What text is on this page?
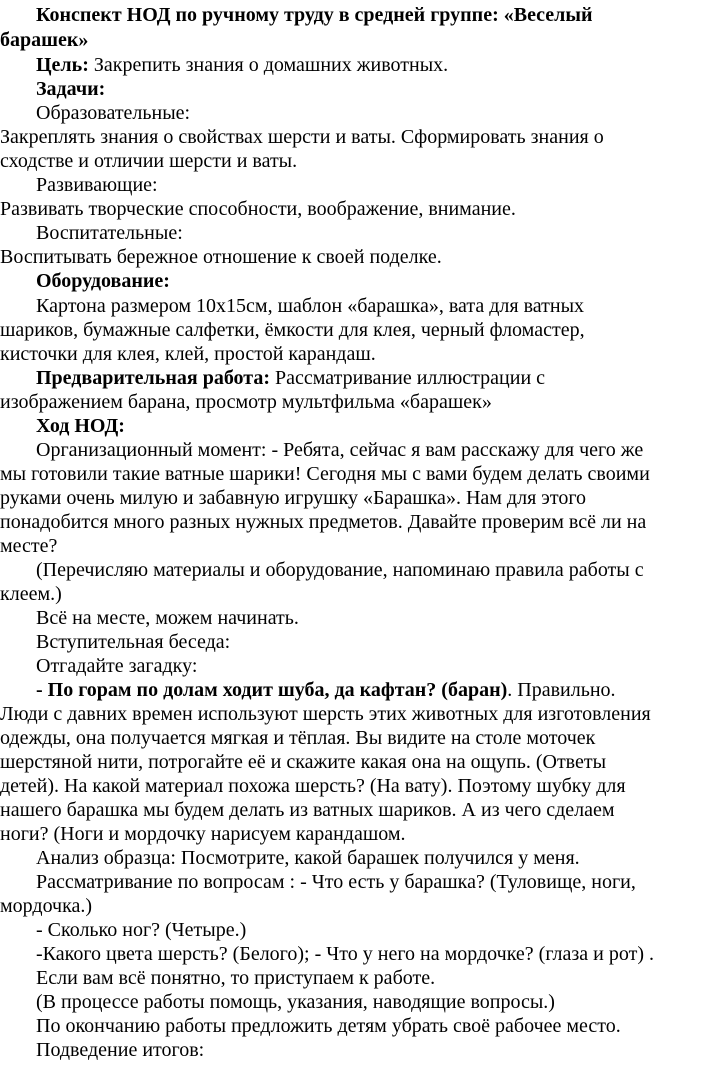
Конспект НОД по ручному труду в средней группе: «Веселый
барашек»
Цель: Закрепить знания о домашних животных.
Задачи:
Образовательные:
Закреплять знания о свойствах шерсти и ваты. Сформировать знания о
сходстве и отличии шерсти и ваты.
Развивающие:
Развивать творческие способности, воображение, внимание.
Воспитательные:
Воспитывать бережное отношение к своей поделке.
Оборудование:
Картона размером 10х15см, шаблон «барашка», вата для ватных
шариков, бумажные салфетки, ёмкости для клея, черный фломастер,
кисточки для клея, клей, простой карандаш.
Предварительная работа: Рассматривание иллюстрации с
изображением барана, просмотр мультфильма «барашек»
Ход НОД:
Организационный момент: - Ребята, сейчас я вам расскажу для чего же
мы готовили такие ватные шарики! Сегодня мы с вами будем делать своими
руками очень милую и забавную игрушку «Барашка». Нам для этого
понадобится много разных нужных предметов. Давайте проверим всё ли на
месте?
(Перечисляю материалы и оборудование, напоминаю правила работы с
клеем.)
Всё на месте, можем начинать.
Вступительная беседа:
Отгадайте загадку:
- По горам по долам ходит шуба, да кафтан? (баран). Правильно.
Люди с давних времен используют шерсть этих животных для изготовления
одежды, она получается мягкая и тёплая. Вы видите на столе моточек
шерстяной нити, потрогайте её и скажите какая она на ощупь. (Ответы
детей). На какой материал похожа шерсть? (На вату). Поэтому шубку для
нашего барашка мы будем делать из ватных шариков. А из чего сделаем
ноги? (Ноги и мордочку нарисуем карандашом.
Анализ образца: Посмотрите, какой барашек получился у меня.
Рассматривание по вопросам : - Что есть у барашка? (Туловище, ноги,
мордочка.)
- Сколько ног? (Четыре.)
-Какого цвета шерсть? (Белого); - Что у него на мордочке? (глаза и рот) .
Если вам всё понятно, то приступаем к работе.
(В процессе работы помощь, указания, наводящие вопросы.)
По окончанию работы предложить детям убрать своё рабочее место.
Подведение итогов:
